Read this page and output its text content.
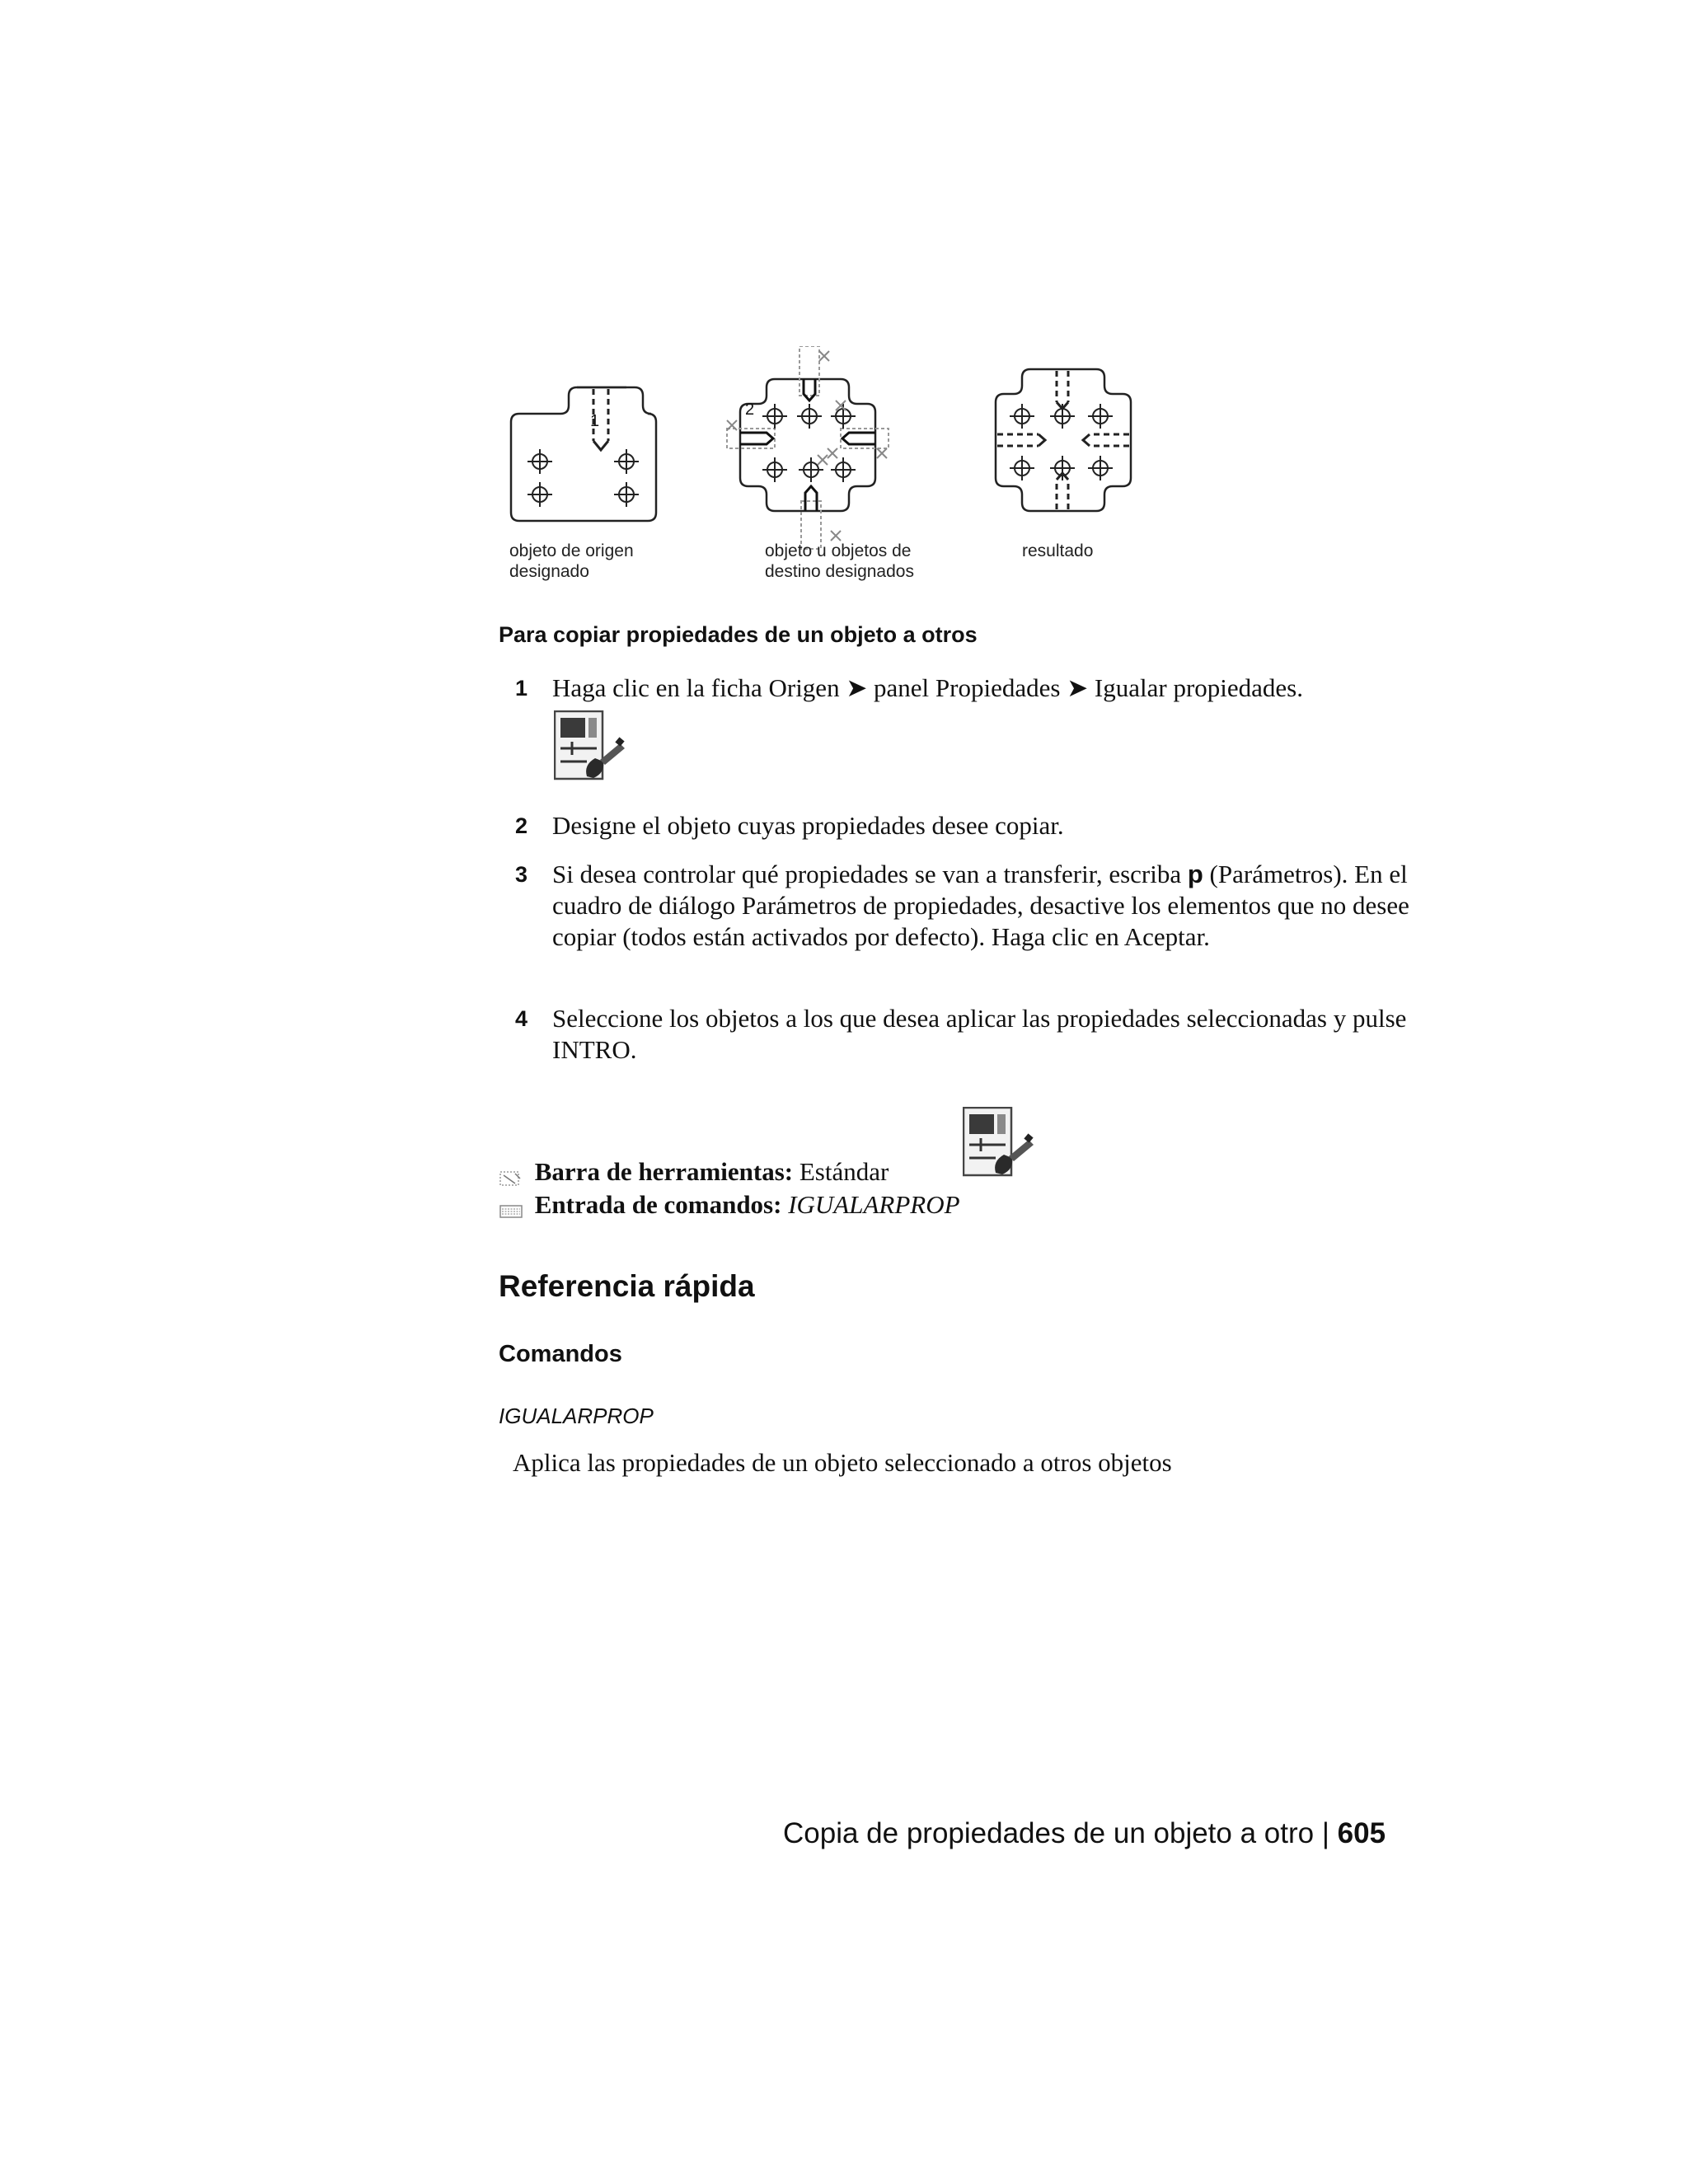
1
2
objeto de origen
designado
objeto u objetos de
destino designados
resultado
Para copiar propiedades de un objeto a otros
1 Haga clic en la ficha Origen ➤ panel Propiedades ➤ Igualar propiedades.
2 Designe el objeto cuyas propiedades desee copiar.
3 Si desea controlar qué propiedades se van a transferir, escriba p (Parámetros). En el cuadro de diálogo Parámetros de propiedades, desactive los elementos que no desee copiar (todos están activados por defecto). Haga clic en Aceptar.
4 Seleccione los objetos a los que desea aplicar las propiedades seleccionadas y pulse INTRO.
Barra de herramientas: Estándar
Entrada de comandos: IGUALARPROP
Referencia rápida
Comandos
IGUALARPROP
Aplica las propiedades de un objeto seleccionado a otros objetos
Copia de propiedades de un objeto a otro | 605
